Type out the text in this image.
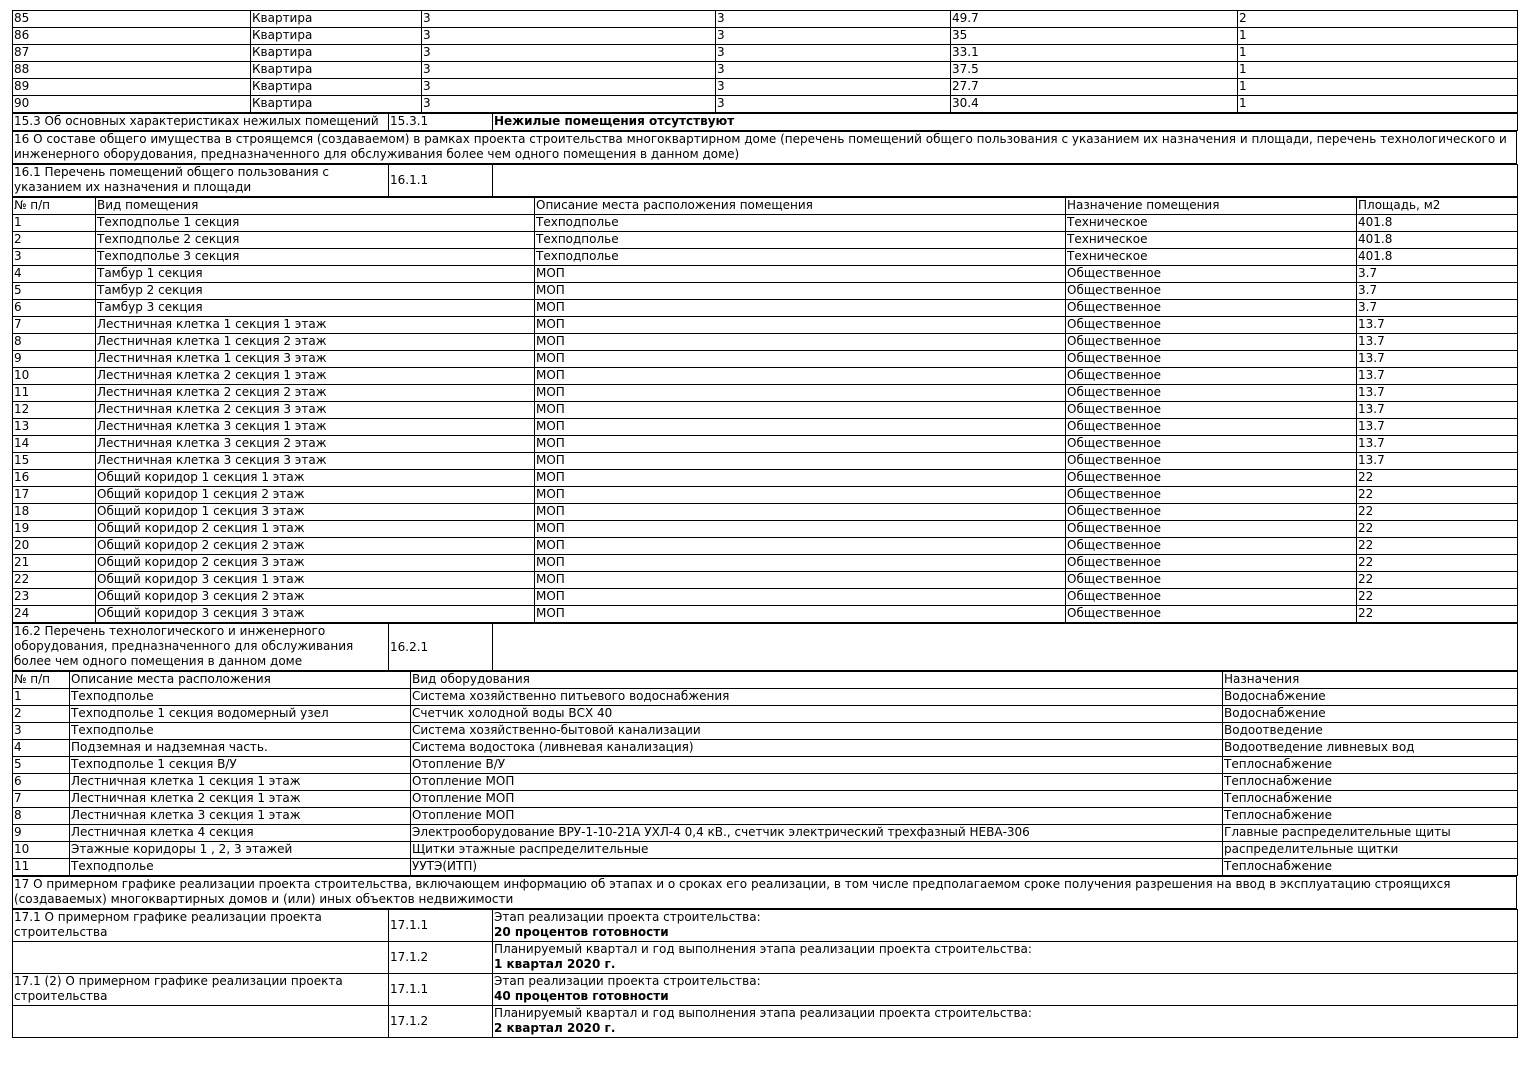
85	Квартира	3	3	49.7	2
86	Квартира	3	3	35	1
87	Квартира	3	3	33.1	1
88	Квартира	3	3	37.5	1
89	Квартира	3	3	27.7	1
90	Квартира	3	3	30.4	1
15.3 Об основных характеристиках нежилых помещений	15.3.1	Нежилые помещения отсутствуют
16 О составе общего имущества в строящемся (создаваемом) в рамках проекта строительства многоквартирном доме (перечень помещений общего пользования с указанием их назначения и площади, перечень технологического и инженерного оборудования, предназначенного для обслуживания более чем одного помещения в данном доме)
16.1 Перечень помещений общего пользования с указанием их назначения и площади	16.1.1	
№ п/п	Вид помещения	Описание места расположения помещения	Назначение помещения	Площадь, м2
1	Техподполье 1 секция	Техподполье	Техническое	401.8
2	Техподполье 2 секция	Техподполье	Техническое	401.8
3	Техподполье 3 секция	Техподполье	Техническое	401.8
4	Тамбур 1 секция	МОП	Общественное	3.7
5	Тамбур 2 секция	МОП	Общественное	3.7
6	Тамбур 3 секция	МОП	Общественное	3.7
7	Лестничная клетка 1 секция 1 этаж	МОП	Общественное	13.7
8	Лестничная клетка 1 секция 2 этаж	МОП	Общественное	13.7
9	Лестничная клетка 1 секция 3 этаж	МОП	Общественное	13.7
10	Лестничная клетка 2 секция 1 этаж	МОП	Общественное	13.7
11	Лестничная клетка 2 секция 2 этаж	МОП	Общественное	13.7
12	Лестничная клетка 2 секция 3 этаж	МОП	Общественное	13.7
13	Лестничная клетка 3 секция 1 этаж	МОП	Общественное	13.7
14	Лестничная клетка 3 секция 2 этаж	МОП	Общественное	13.7
15	Лестничная клетка 3 секция 3 этаж	МОП	Общественное	13.7
16	Общий коридор 1 секция 1 этаж	МОП	Общественное	22
17	Общий коридор 1 секция 2 этаж	МОП	Общественное	22
18	Общий коридор 1 секция 3 этаж	МОП	Общественное	22
19	Общий коридор 2 секция 1 этаж	МОП	Общественное	22
20	Общий коридор 2 секция 2 этаж	МОП	Общественное	22
21	Общий коридор 2 секция 3 этаж	МОП	Общественное	22
22	Общий коридор 3 секция 1 этаж	МОП	Общественное	22
23	Общий коридор 3 секция 2 этаж	МОП	Общественное	22
24	Общий коридор 3 секция 3 этаж	МОП	Общественное	22
16.2 Перечень технологического и инженерного оборудования, предназначенного для обслуживания более чем одного помещения в данном доме	16.2.1	
№ п/п	Описание места расположения	Вид оборудования	Назначения
1	Техподполье	Система хозяйственно питьевого водоснабжения	Водоснабжение
2	Техподполье 1 секция водомерный узел	Счетчик холодной воды ВСХ 40	Водоснабжение
3	Техподполье	Система хозяйственно-бытовой канализации	Водоотведение
4	Подземная и надземная часть.	Система водостока (ливневая канализация)	Водоотведение ливневых вод
5	Техподполье 1 секция В/У	Отопление В/У	Теплоснабжение
6	Лестничная клетка 1 секция 1 этаж	Отопление МОП	Теплоснабжение
7	Лестничная клетка 2 секция 1 этаж	Отопление МОП	Теплоснабжение
8	Лестничная клетка 3 секция 1 этаж	Отопление МОП	Теплоснабжение
9	Лестничная клетка 4 секция	Электрооборудование ВРУ-1-10-21А УХЛ-4 0,4 кВ., счетчик электрический трехфазный НЕВА-306	Главные распределительные щиты
10	Этажные коридоры 1 , 2, 3 этажей	Щитки этажные распределительные	распределительные щитки
11	Техподполье	УУТЭ(ИТП)	Теплоснабжение
17 О примерном графике реализации проекта строительства, включающем информацию об этапах и о сроках его реализации, в том числе предполагаемом сроке получения разрешения на ввод в эксплуатацию строящихся (создаваемых) многоквартирных домов и (или) иных объектов недвижимости
17.1 О примерном графике реализации проекта строительства	17.1.1	Этап реализации проекта строительства:
20 процентов готовности

	17.1.2	Планируемый квартал и год выполнения этапа реализации проекта строительства:
1 квартал 2020 г.

17.1 (2) О примерном графике реализации проекта строительства	17.1.1	Этап реализации проекта строительства:
40 процентов готовности

	17.1.2	Планируемый квартал и год выполнения этапа реализации проекта строительства:
2 квартал 2020 г.
